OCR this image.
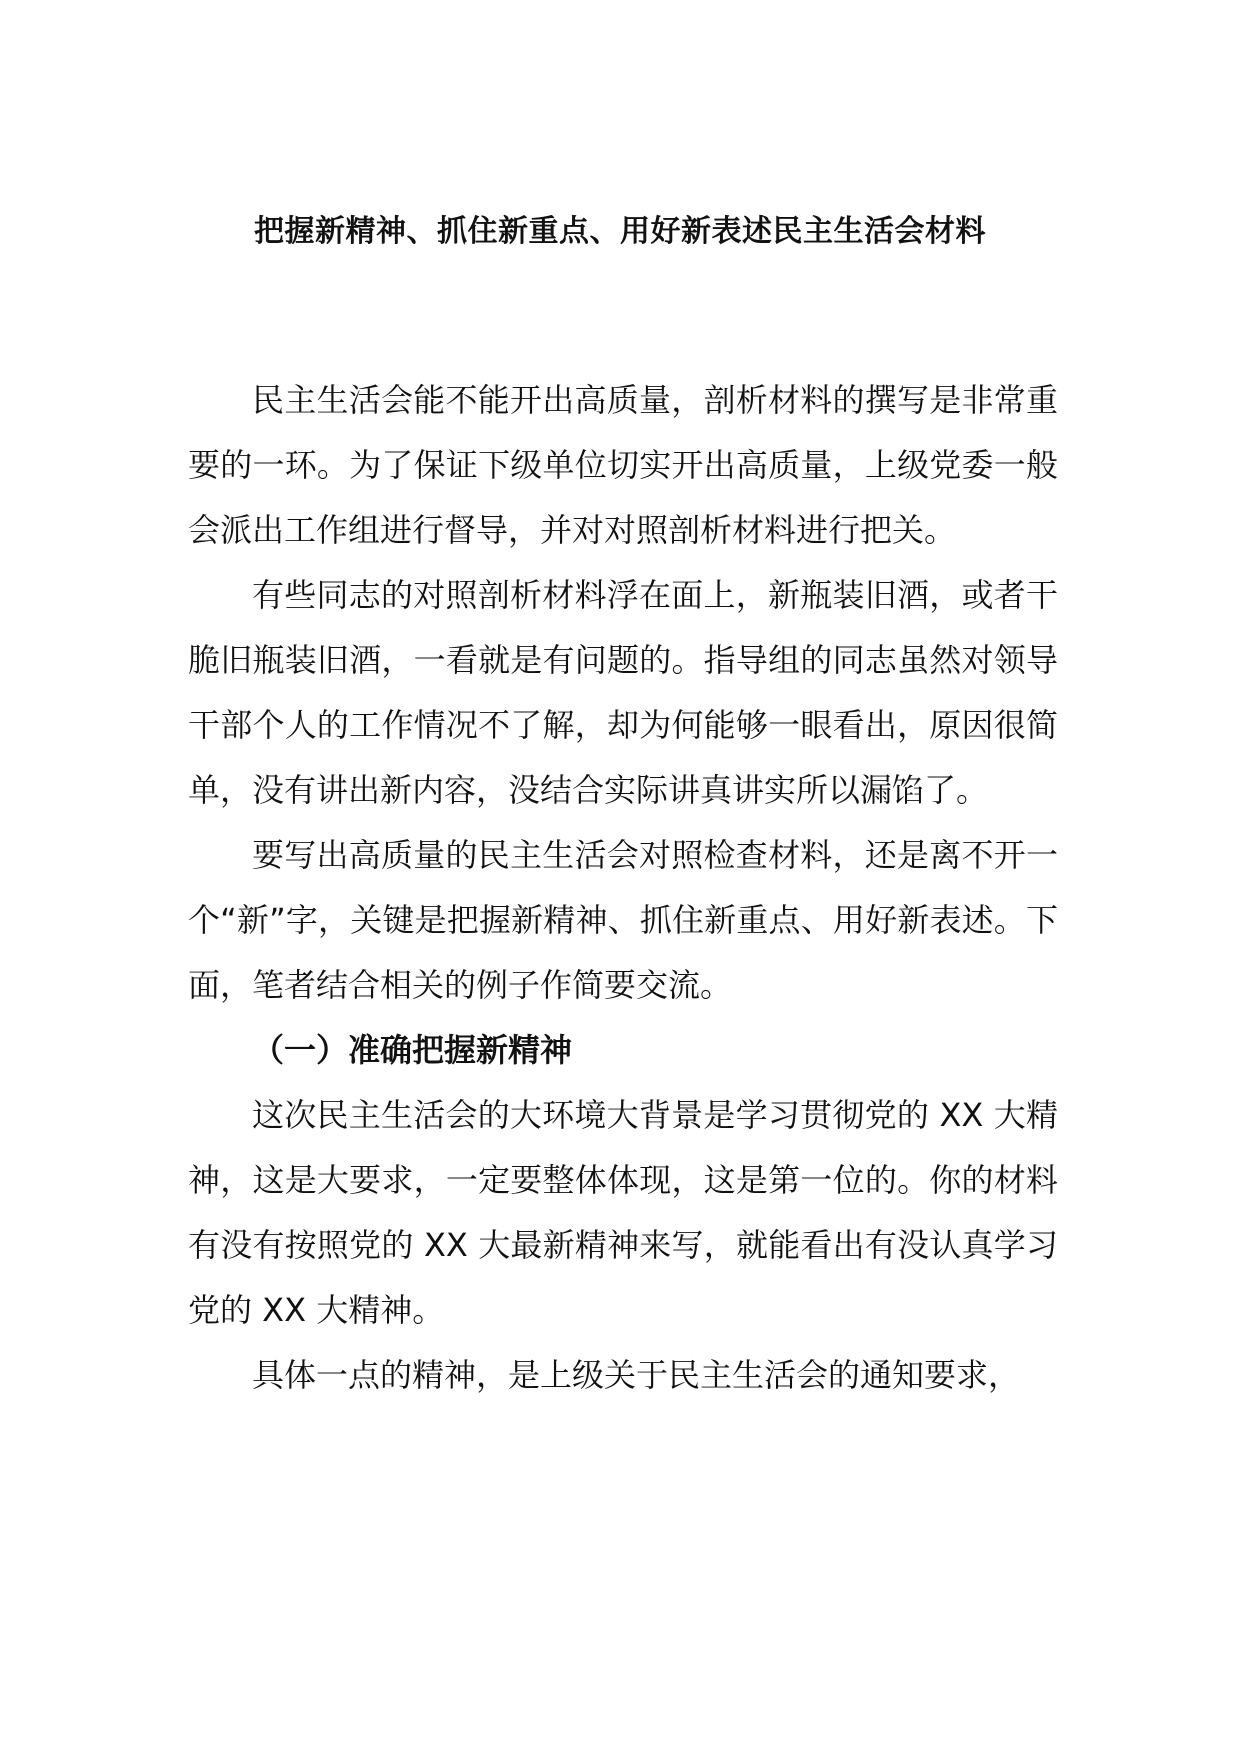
把握新精神、抓住新重点、用好新表述民主生活会材料

民主生活会能不能开出高质量，剖析材料的撰写是非常重要的一环。为了保证下级单位切实开出高质量，上级党委一般会派出工作组进行督导，并对对照剖析材料进行把关。

有些同志的对照剖析材料浮在面上，新瓶装旧酒，或者干脆旧瓶装旧酒，一看就是有问题的。指导组的同志虽然对领导干部个人的工作情况不了解，却为何能够一眼看出，原因很简单，没有讲出新内容，没结合实际讲真讲实所以漏馅了。

要写出高质量的民主生活会对照检查材料，还是离不开一个“新”字，关键是把握新精神、抓住新重点、用好新表述。下面，笔者结合相关的例子作简要交流。

（一）准确把握新精神

这次民主生活会的大环境大背景是学习贯彻党的 XX 大精神，这是大要求，一定要整体体现，这是第一位的。你的材料有没有按照党的 XX 大最新精神来写，就能看出有没认真学习党的 XX 大精神。

具体一点的精神，是上级关于民主生活会的通知要求，
